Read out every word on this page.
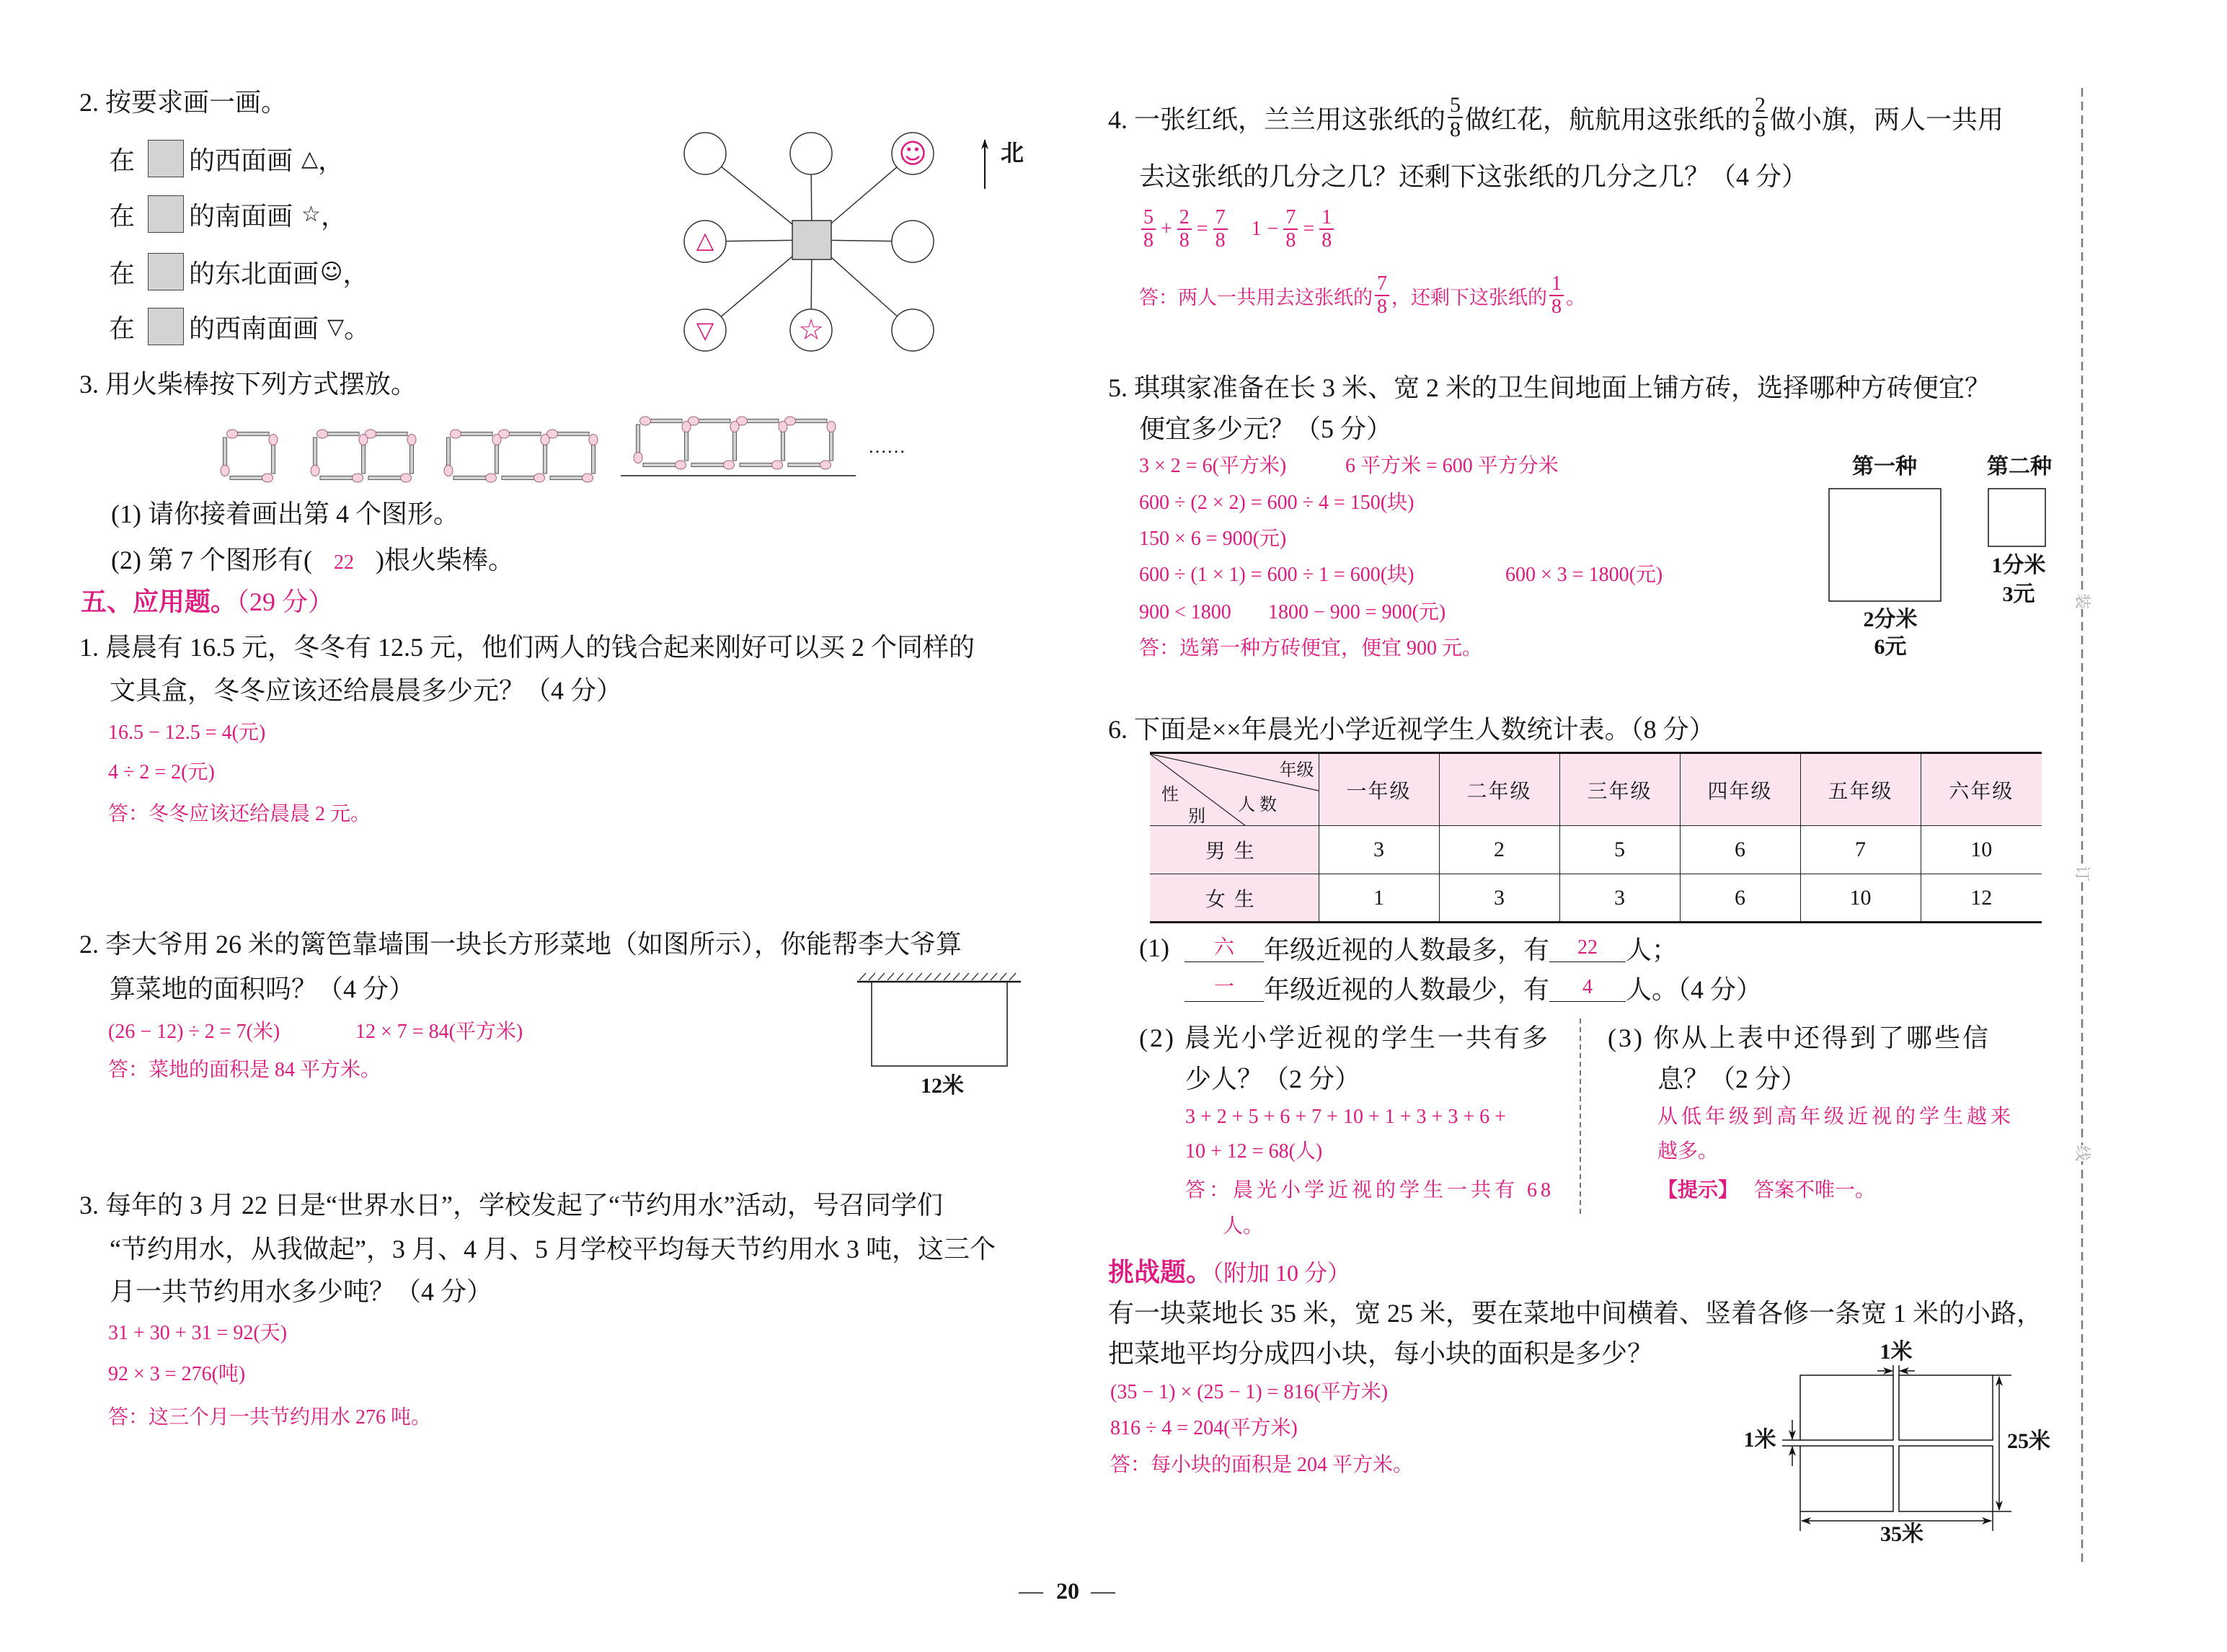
△
▽	☆
☺
2. 按要求画一画。
在 的西面画 △ ，
在 的南面画 ☆ ，
在 的东北面画 ☺ ，
在 的西南面画 ▽ 。
北
3. 用火柴棒按下列方式摆放。
……
(1) 请你接着画出第 4 个图形。
(2) 第 7 个图形有( 22 )根火柴棒。
五、应用题。（29 分）
1. 晨晨有 16.5 元，冬冬有 12.5 元，他们两人的钱合起来刚好可以买 2 个同样的
文具盒，冬冬应该还给晨晨多少元？（4 分）
16.5 − 12.5 = 4(元)
4 ÷ 2 = 2(元)
答：冬冬应该还给晨晨 2 元。
2. 李大爷用 26 米的篱笆靠墙围一块长方形菜地（如图所示），你能帮李大爷算
算菜地的面积吗？（4 分）
(26 − 12) ÷ 2 = 7(米)	12 × 7 = 84(平方米)
答：菜地的面积是 84 平方米。
12米
3. 每年的 3 月 22 日是“世界水日”，学校发起了“节约用水”活动，号召同学们
“节约用水，从我做起”，3 月、4 月、5 月学校平均每天节约用水 3 吨，这三个
月一共节约用水多少吨？（4 分）
31 + 30 + 31 = 92(天)
92 × 3 = 276(吨)
答：这三个月一共节约用水 276 吨。
4. 一张红纸，兰兰用这张纸的 $\frac{5}{8}$ 做红花，航航用这张纸的 $\frac{2}{8}$ 做小旗，两人一共用
去这张纸的几分之几？还剩下这张纸的几分之几？（4 分）
$\frac{5}{8} + \frac{2}{8} = \frac{7}{8} 1 - \frac{7}{8} = \frac{1}{8}$
答：两人一共用去这张纸的 $\frac{7}{8}$ ，还剩下这张纸的 $\frac{1}{8}$ 。
5. 琪琪家准备在长 3 米、宽 2 米的卫生间地面上铺方砖，选择哪种方砖便宜？
便宜多少元？（5 分）
3 × 2 = 6(平方米)	6 平方米 = 600 平方分米
600 ÷ (2 × 2) = 600 ÷ 4 = 150(块)
150 × 6 = 900(元)
600 ÷ (1 × 1) = 600 ÷ 1 = 600(块)	600 × 3 = 1800(元)
900 < 1800 1800 − 900 = 900(元)
答：选第一种方砖便宜，便宜 900 元。
第一种	第二种
2分米
6元
1分米
3元
6. 下面是××年晨光小学近视学生人数统计表。（8 分）
年级
人 数
性
别	一年级	二年级	三年级	四年级	五年级	六年级
男生	3	2	5	6	7	10
女生	1	3	3	6	10	12
(1)	六	年级近视的人数最多，有	22	人；
一	年级近视的人数最少，有	4	人。（4 分）
(2) 晨光小学近视的学生一共有多
少人？（2 分）
3 + 2 + 5 + 6 + 7 + 10 + 1 + 3 + 3 + 6 +
10 + 12 = 68(人)
答：晨光小学近视的学生一共有 68
人。
(3) 你从上表中还得到了哪些信
息？（2 分）
从低年级到高年级近视的学生越来
越多。
【提示】 答案不唯一。
挑战题。（附加 10 分）
有一块菜地长 35 米，宽 25 米，要在菜地中间横着、竖着各修一条宽 1 米的小路，
把菜地平均分成四小块，每小块的面积是多少？
(35 − 1) × (25 − 1) = 816(平方米)
816 ÷ 4 = 204(平方米)
答：每小块的面积是 204 平方米。
1米
1米	25米
35米
装
订
线
20
